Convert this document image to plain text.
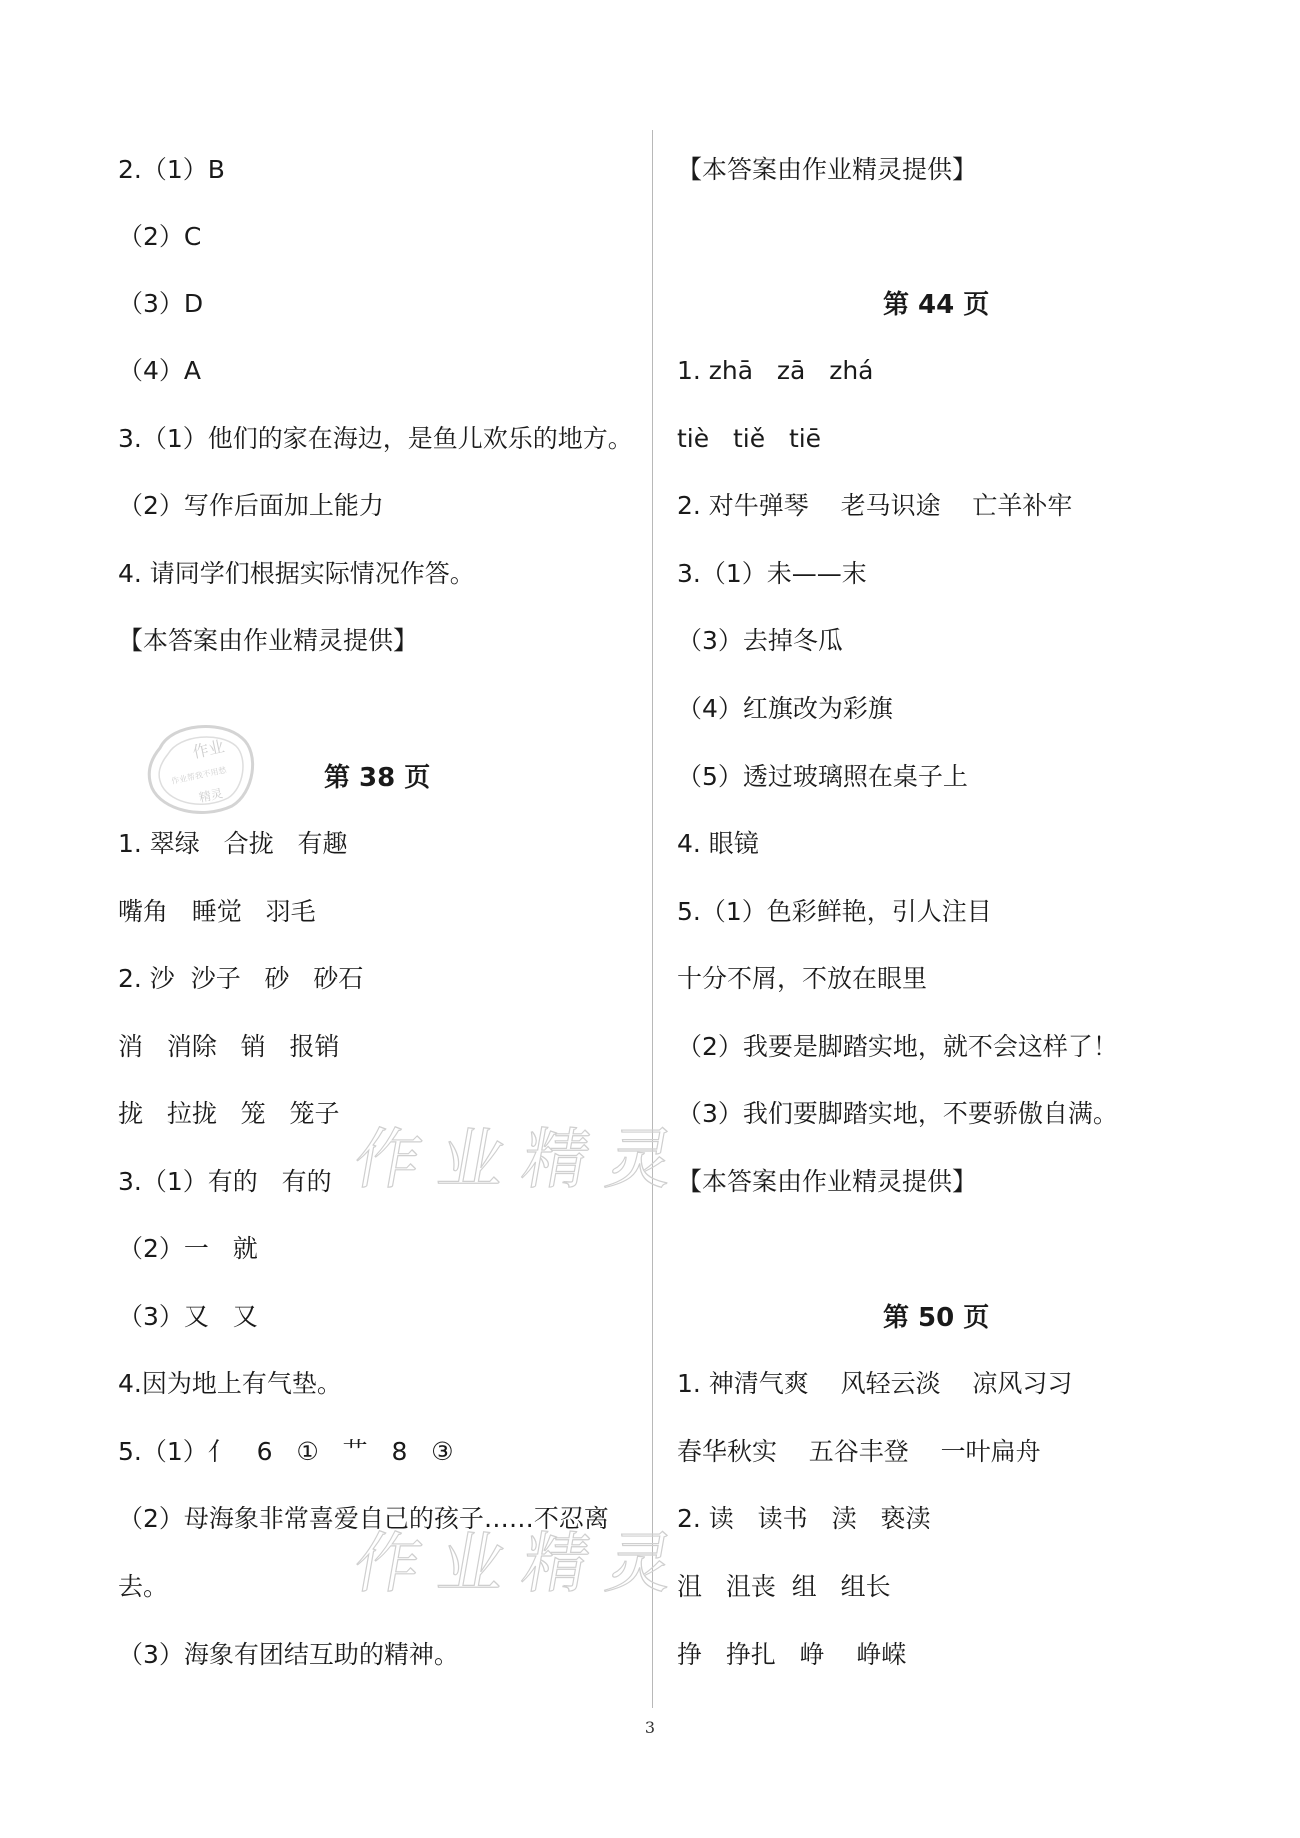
2.（1）B
（2）C
（3）D
（4）A
3.（1）他们的家在海边，是鱼儿欢乐的地方。
（2）写作后面加上能力
4. 请同学们根据实际情况作答。
【本答案由作业精灵提供】
第 38 页
1. 翠绿   合拢   有趣
嘴角   睡觉   羽毛
2. 沙  沙子   砂   砂石
消   消除   销   报销
拢   拉拢   笼   笼子
3.（1）有的   有的
（2）一   就
（3）又   又
4.因为地上有气垫。
5.（1）亻   6   ①   艹   8   ③
（2）母海象非常喜爱自己的孩子……不忍离
去。
（3）海象有团结互助的精神。
【本答案由作业精灵提供】
第 44 页
1. zhā   zā   zhá
tiè   tiě   tiē
2. 对牛弹琴    老马识途    亡羊补牢
3.（1）未——末
（3）去掉冬瓜
（4）红旗改为彩旗
（5）透过玻璃照在桌子上
4. 眼镜
5.（1）色彩鲜艳，引人注目
十分不屑，不放在眼里
（2）我要是脚踏实地，就不会这样了！
（3）我们要脚踏实地，不要骄傲自满。
【本答案由作业精灵提供】
第 50 页
1. 神清气爽    风轻云淡    凉风习习
春华秋实    五谷丰登    一叶扁舟
2. 读   读书   渎   亵渎
沮   沮丧  组   组长
挣   挣扎   峥    峥嵘
作业精灵
作业精灵
作业
作业帮我不用愁
精灵
3
